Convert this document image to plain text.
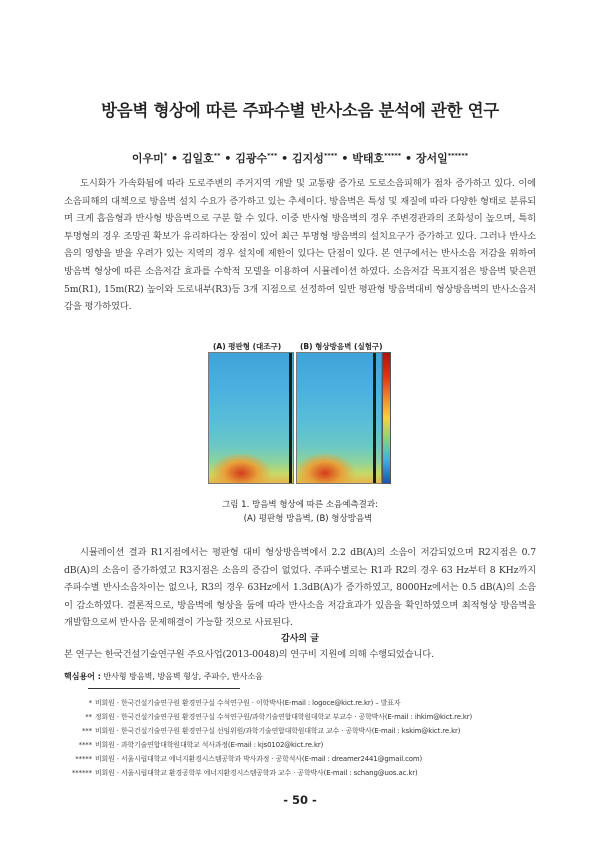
방음벽 형상에 따른 주파수별 반사소음 분석에 관한 연구
이우미* • 김일호** • 김광수*** • 김지성**** • 박태호***** • 장서일******

도시화가 가속화됨에 따라 도로주변의 주거지역 개발 및 교통량 증가로 도로소음피해가 점차 증가하고 있다. 이에 소음피해의 대책으로 방음벽 설치 수요가 증가하고 있는 추세이다. 방음벽은 특성 및 재질에 따라 다양한 형태로 분류되며 크게 흡음형과 반사형 방음벽으로 구분 할 수 있다. 이중 반사형 방음벽의 경우 주변경관과의 조화성이 높으며, 특히 투명형의 경우 조망권 확보가 유리하다는 장점이 있어 최근 투명형 방음벽의 설치요구가 증가하고 있다. 그러나 반사소음의 영향을 받을 우려가 있는 지역의 경우 설치에 제한이 있다는 단점이 있다. 본 연구에서는 반사소음 저감을 위하여 방음벽 형상에 따른 소음저감 효과를 수학적 모델을 이용하여 시뮬레이션 하였다. 소음저감 목표지점은 방음벽 맞은편 5m(R1), 15m(R2) 높이와 도로내부(R3)등 3개 지점으로 선정하여 일반 평판형 방음벽대비 형상방음벽의 반사소음저감을 평가하였다.

(A) 평판형 (대조구)	(B) 형상방음벽 (실험구)
그림 1. 방음벽 형상에 따른 소음예측결과:
(A) 평판형 방음벽, (B) 형상방음벽

시뮬레이션 결과 R1지점에서는 평판형 대비 형상방음벽에서 2.2 dB(A)의 소음이 저감되었으며 R2지점은 0.7 dB(A)의 소음이 증가하였고 R3지점은 소음의 증감이 없었다. 주파수별로는 R1과 R2의 경우 63 Hz부터 8 KHz까지 주파수별 반사소음차이는 없으나, R3의 경우 63Hz에서 1.3dB(A)가 증가하였고, 8000Hz에서는 0.5 dB(A)의 소음이 감소하였다. 결론적으로, 방음벽에 형상을 둠에 따라 반사소음 저감효과가 있음을 확인하였으며 최적형상 방음벽을 개발함으로써 반사음 문제해결이 가능할 것으로 사료된다.

감사의 글

본 연구는 한국건설기술연구원 주요사업(2013-0048)의 연구비 지원에 의해 수행되었습니다.

핵심용어 : 반사형 방음벽, 방음벽 형상, 주파수, 반사소음
* 비회원 · 한국건설기술연구원 환경연구실 수석연구원 · 이학박사(E-mail : logoce@kict.re.kr) – 발표자
** 정회원 · 한국건설기술연구원 환경연구실 수석연구원/과학기술연합대학원대학교 부교수 · 공학박사(E-mail : ihkim@kict.re.kr)
*** 비회원 · 한국건설기술연구원 환경연구실 선임위원/과학기술연합대학원대학교 교수 · 공학박사(E-mail : kskim@kict.re.kr)
**** 비회원 · 과학기술연합대학원대학교 석사과정(E-mail : kjs0102@kict.re.kr)
***** 비회원 · 서울시립대학교 에너지환경시스템공학과 박사과정 · 공학석사(E-mail : dreamer2441@gmail.com)
****** 비회원 · 서울시립대학교 환경공학부 에너지환경시스템공학과 교수 · 공학박사(E-mail : schang@uos.ac.kr)
- 50 -
